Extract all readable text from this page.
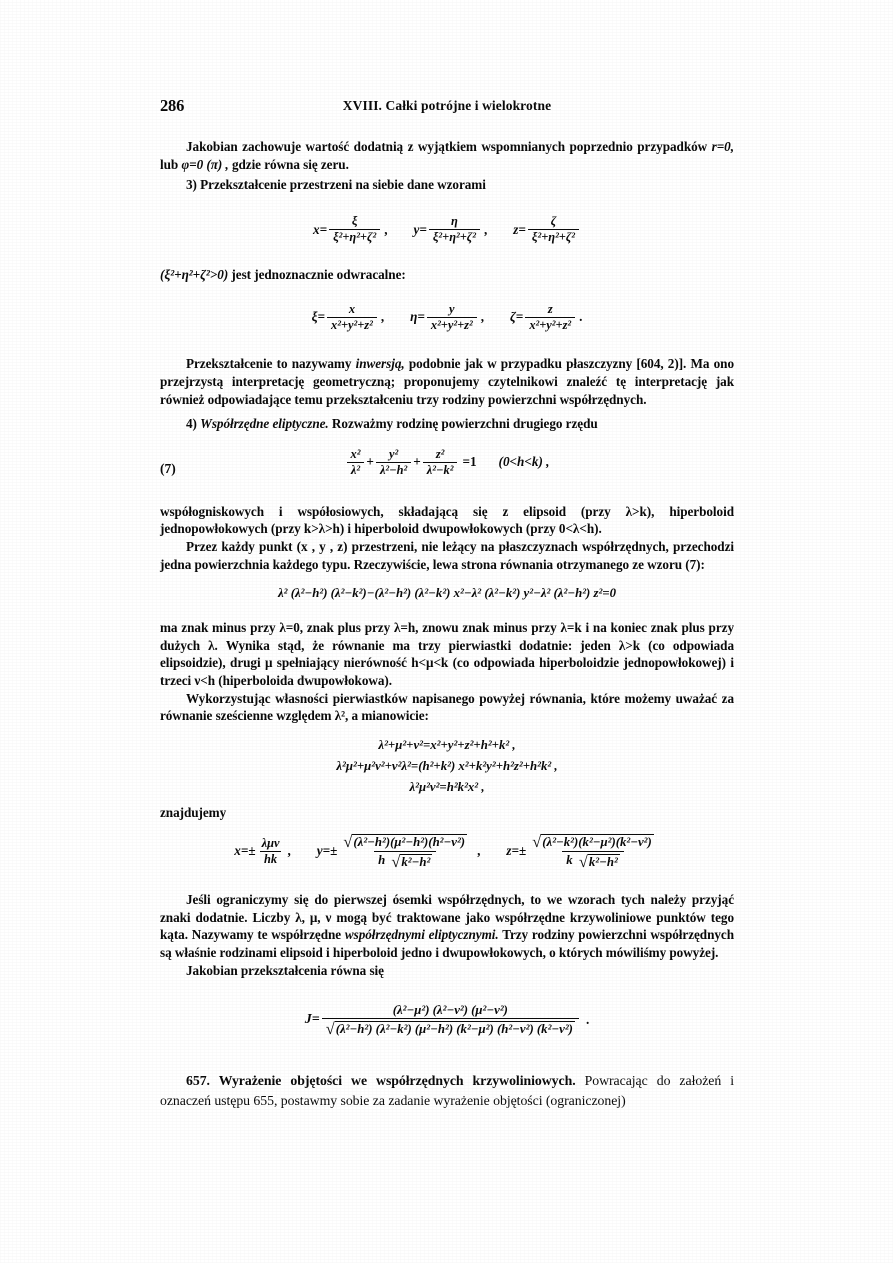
286	XVIII. Całki potrójne i wielokrotne

Jakobian zachowuje wartość dodatnią z wyjątkiem wspomnianych poprzednio przypadków r=0, lub φ=0 (π) , gdzie równa się zeru.

3) Przekształcenie przestrzeni na siebie dane wzorami

$x= \frac{\xi}{\text{ξ²+η²+ζ²}}$ , $y= \frac{\eta}{\text{ξ²+η²+ζ²}}$ , $z= \frac{\zeta}{\text{ξ²+η²+ζ²}}$

(ξ²+η²+ζ²>0) jest jednoznacznie odwracalne:

$\xi= \frac{x}{\text{x²+y²+z²}}$ , $\eta= \frac{y}{\text{x²+y²+z²}}$ , $\zeta= \frac{z}{\text{x²+y²+z²}}$ .

Przekształcenie to nazywamy inwersją, podobnie jak w przypadku płaszczyzny [604, 2)]. Ma ono przejrzystą interpretację geometryczną; proponujemy czytelnikowi znaleźć tę interpretację jak również odpowiadające temu przekształceniu trzy rodziny powierzchni współrzędnych.

4) Współrzędne eliptyczne. Rozważmy rodzinę powierzchni drugiego rzędu

(7)	$\frac{\text{x²}}{\text{λ²}} + \frac{\text{y²}}{\text{λ²−h²}} + \frac{\text{z²}}{\text{λ²−k²}} =1$ (0<h<k) ,

współogniskowych i współosiowych, składającą się z elipsoid (przy λ>k), hiperboloid jednopowłokowych (przy k>λ>h) i hiperboloid dwupowłokowych (przy 0<λ<h).

Przez każdy punkt (x , y , z) przestrzeni, nie leżący na płaszczyznach współrzędnych, przechodzi jedna powierzchnia każdego typu. Rzeczywiście, lewa strona równania otrzymanego ze wzoru (7):

λ² (λ²−h²) (λ²−k²)−(λ²−h²) (λ²−k²) x²−λ² (λ²−k²) y²−λ² (λ²−h²) z²=0

ma znak minus przy λ=0, znak plus przy λ=h, znowu znak minus przy λ=k i na koniec znak plus przy dużych λ. Wynika stąd, że równanie ma trzy pierwiastki dodatnie: jeden λ>k (co odpowiada elipsoidzie), drugi μ spełniający nierówność h<μ<k (co odpowiada hiperboloidzie jednopowłokowej) i trzeci ν<h (hiperboloida dwupowłokowa).

Wykorzystując własności pierwiastków napisanego powyżej równania, które możemy uważać za równanie sześcienne względem λ², a mianowicie:

λ²+μ²+ν²=x²+y²+z²+h²+k² ,
λ²μ²+μ²ν²+ν²λ²=(h²+k²) x²+k²y²+h²z²+h²k² ,
λ²μ²ν²=h²k²x² ,

znajdujemy

$x=\pm \frac{\text{λμν}}{hk}$ , $y=\pm \frac{\text{√ (λ²−h²)(μ²−h²)(h²−ν²)}}{\text{h √ k²−h²}}$ , $z=\pm \frac{\text{√ (λ²−k²)(k²−μ²)(k²−ν²)}}{\text{k √ k²−h²}}$

Jeśli ograniczymy się do pierwszej ósemki współrzędnych, to we wzorach tych należy przyjąć znaki dodatnie. Liczby λ, μ, ν mogą być traktowane jako współrzędne krzywoliniowe punktów tego kąta. Nazywamy te współrzędne współrzędnymi eliptycznymi. Trzy rodziny powierzchni współrzędnych są właśnie rodzinami elipsoid i hiperboloid jedno i dwupowłokowych, o których mówiliśmy powyżej.

Jakobian przekształcenia równa się

J=
(λ²−μ²) (λ²−ν²) (μ²−ν²)
√ (λ²−h²) (λ²−k²) (μ²−h²) (k²−μ²) (h²−ν²) (k²−ν²)
.

657. Wyrażenie objętości we współrzędnych krzywoliniowych. Powracając do założeń i oznaczeń ustępu 655, postawmy sobie za zadanie wyrażenie objętości (ograniczonej)
